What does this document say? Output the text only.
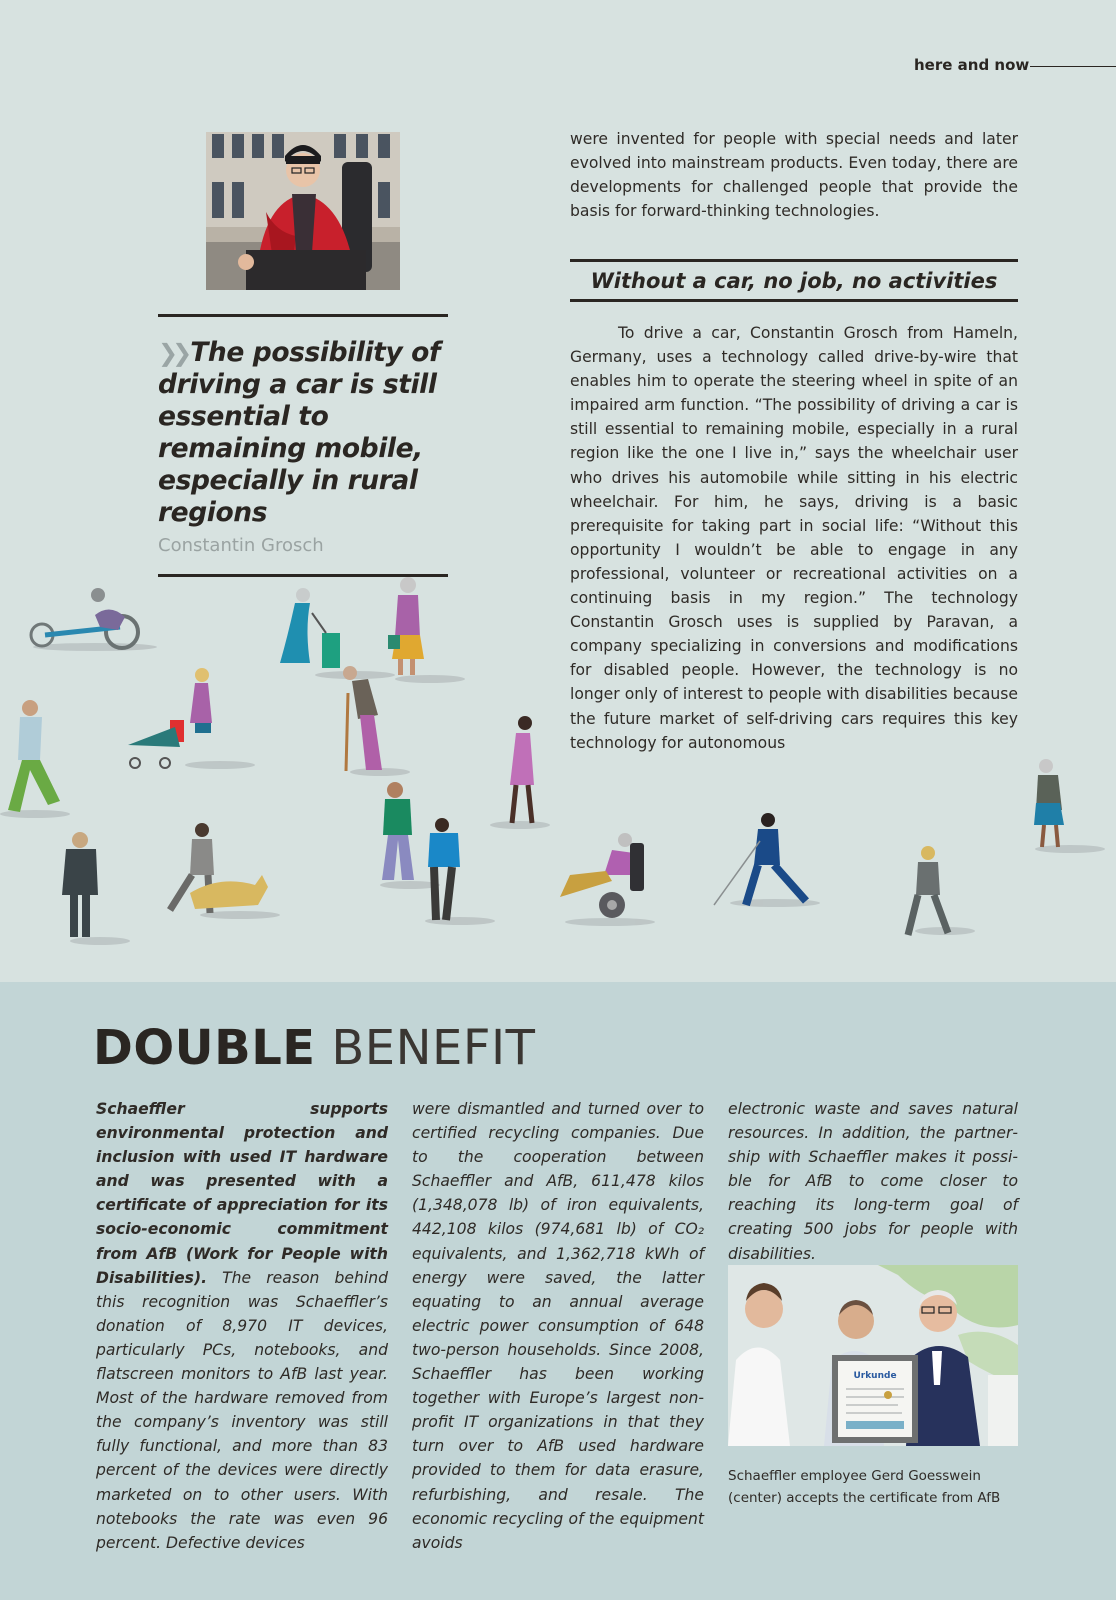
here and now
❯❯ The possibility of driving a car is still essential to remaining mobile, especially in rural regions
Constantin Grosch
were invented for people with special needs and later evolved into mainstream products. Even today, there are developments for challenged people that provide the basis for forward-thinking technologies.
Without a car, no job, no activities

To drive a car, Constantin Grosch from Hameln, Germany, uses a technology called drive-by-wire that enables him to operate the steering wheel in spite of an impaired arm function. “The possibility of driving a car is still essential to remaining mobile, especially in a rural region like the one I live in,” says the wheelchair user who drives his automobile while sitting in his electric wheelchair. For him, he says, driving is a basic prerequisite for taking part in social life: “Without this opportunity I wouldn’t be able to engage in any professional, volunteer or recreational activities on a continuing basis in my region.” The technology Constantin Grosch uses is supplied by Paravan, a company specializing in conversions and modifications for disabled people. However, the technology is no longer only of interest to people with disabilities because the future market of self-driving cars requires this key technology for autonomous

DOUBLE BENEFIT
Schaeffler supports environmental protection and inclusion with used IT hardware and was presented with a certificate of appreciation for its socio-economic commitment from AfB (Work for People with Disabilities). The reason behind this recognition was Schaeffler’s donation of 8,970 IT devices, particularly PCs, notebooks, and flatscreen monitors to AfB last year. Most of the hardware removed from the company’s inventory was still fully functional, and more than 83 percent of the devices were directly marketed on to other users. With notebooks the rate was even 96 percent. Defective devices
were dismantled and turned over to certified recycling companies. Due to the cooperation between Schaeffler and AfB, 611,478 kilos (1,348,078 lb) of iron equivalents, 442,108 kilos (974,681 lb) of CO₂ equivalents, and 1,362,718 kWh of energy were saved, the latter equating to an annual average electric power consumption of 648 two-person households. Since 2008, Schaeffler has been working together with Europe’s largest non-profit IT organizations in that they turn over to AfB used hardware provided to them for data erasure, refurbishing, and resale. The economic recycling of the equipment avoids
electronic waste and saves natural resources. In addition, the partnership with Schaeffler makes it possible for AfB to come closer to reaching its long-term goal of creating 500 jobs for people with disabilities.
Urkunde
Schaeffler employee Gerd Goesswein (center) accepts the certificate from AfB
